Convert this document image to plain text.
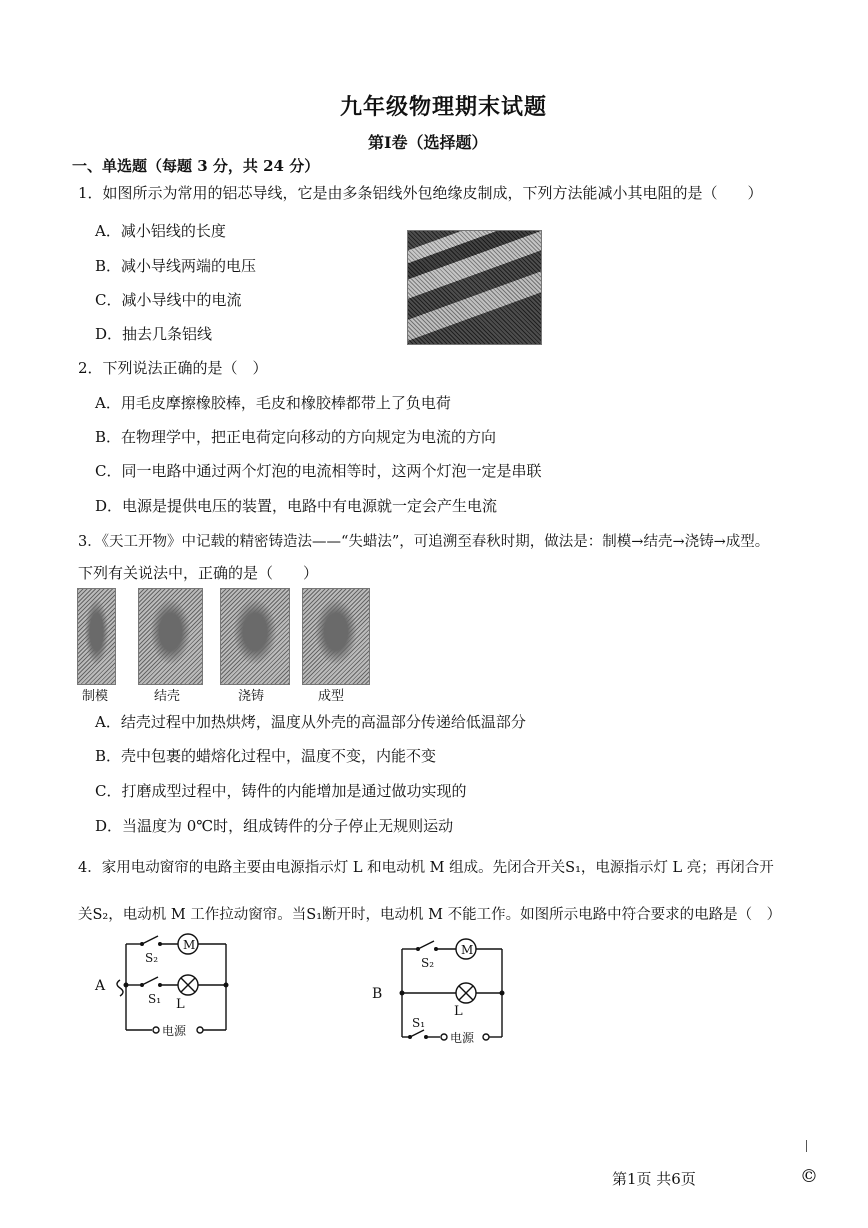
九年级物理期末试题
第Ⅰ卷（选择题）
一、单选题（每题 3 分，共 24 分）
1．如图所示为常用的铝芯导线，它是由多条铝线外包绝缘皮制成，下列方法能减小其电阻的是（　　）
A．减小铝线的长度
B．减小导线两端的电压
C．减小导线中的电流
D．抽去几条铝线
2．下列说法正确的是（　）
A．用毛皮摩擦橡胶棒，毛皮和橡胶棒都带上了负电荷
B．在物理学中，把正电荷定向移动的方向规定为电流的方向
C．同一电路中通过两个灯泡的电流相等时，这两个灯泡一定是串联
D．电源是提供电压的装置，电路中有电源就一定会产生电流
3．《天工开物》中记载的精密铸造法——“失蜡法”，可追溯至春秋时期，做法是：制模→结壳→浇铸→成型。
下列有关说法中，正确的是（　　）
制模	结壳	浇铸	成型
A．结壳过程中加热烘烤，温度从外壳的高温部分传递给低温部分
B．壳中包裹的蜡熔化过程中，温度不变，内能不变
C．打磨成型过程中，铸件的内能增加是通过做功实现的
D．当温度为 0℃时，组成铸件的分子停止无规则运动
4．家用电动窗帘的电路主要由电源指示灯 L 和电动机 M 组成。先闭合开关S₁，电源指示灯 L 亮；再闭合开
关S₂，电动机 M 工作拉动窗帘。当S₁断开时，电动机 M 不能工作。如图所示电路中符合要求的电路是（　）
A
M
S₂
S₁ L
电源
B
M
S₂
L
S₁
电源
第1页 共6页	©
